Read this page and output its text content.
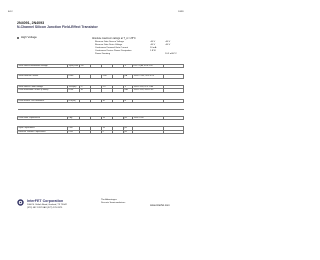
B-12	10/99
2N4091, 2N4093
N-Channel Silicon Junction Field-Effect Transistor
High Voltage	Absolute maximum ratings at T_A = 25°C
Reverse Gate Source Voltage	-40 V	-40 V
Reverse Gate Drain Voltage	-40 V	-40 V
Continuous Forward Gate Current	10 mA
Continuous Device Power Dissipation	1.8 W
Power Derating	10.3 mW/°C
Gate Source Breakdown Voltage	V(BR)GSS	-40				V	IG = -1 µA, VDS = 0V	

Gate Reverse Current	IGSS			-200		pA	VGS = -20V, VDS = 0V	

Gate Source Cutoff Voltage	VGS(off)	-5		-10		V	VDS = 20V, ID = 1 nA	
Drain Saturation Current (Pulsed)	IDSS	30				mA	VDS = 20V, VGS = 0V	

Drain Source ON Resistance	rDS(on)			30		Ω		

Drain Gate Capacitance	Cdg			16		pF	VDG = 20V	

Input Capacitance	Ciss			16		pF		
Reverse Transfer Capacitance	Crss			5		pF		
InterFET Corporation
1000 N. Shiloh Road, Garland, TX 75042
(972) 487-1287 FAX (972) 276-3375
The Advantages
Discrete Semiconductors
www.interfet.com
